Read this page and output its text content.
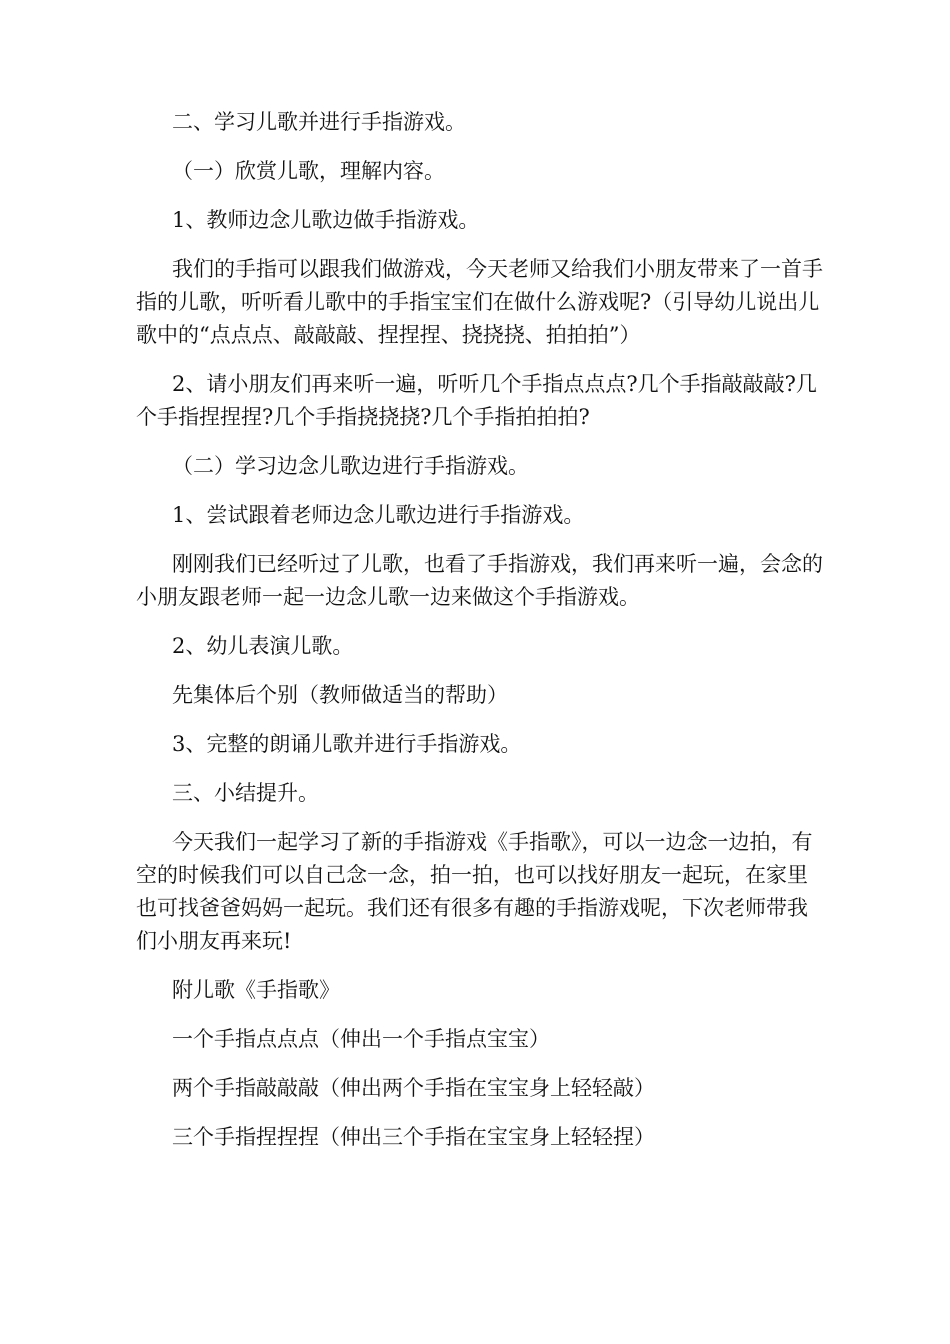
二、学习儿歌并进行手指游戏。

（一）欣赏儿歌，理解内容。

1、教师边念儿歌边做手指游戏。

我们的手指可以跟我们做游戏，今天老师又给我们小朋友带来了一首手指的儿歌，听听看儿歌中的手指宝宝们在做什么游戏呢?（引导幼儿说出儿歌中的“点点点、敲敲敲、捏捏捏、挠挠挠、拍拍拍”）

2、请小朋友们再来听一遍，听听几个手指点点点?几个手指敲敲敲?几个手指捏捏捏?几个手指挠挠挠?几个手指拍拍拍?

（二）学习边念儿歌边进行手指游戏。

1、尝试跟着老师边念儿歌边进行手指游戏。

刚刚我们已经听过了儿歌，也看了手指游戏，我们再来听一遍，会念的小朋友跟老师一起一边念儿歌一边来做这个手指游戏。

2、幼儿表演儿歌。

先集体后个别（教师做适当的帮助）

3、完整的朗诵儿歌并进行手指游戏。

三、小结提升。

今天我们一起学习了新的手指游戏《手指歌》，可以一边念一边拍，有空的时候我们可以自己念一念，拍一拍，也可以找好朋友一起玩，在家里也可找爸爸妈妈一起玩。我们还有很多有趣的手指游戏呢，下次老师带我们小朋友再来玩!

附儿歌《手指歌》

一个手指点点点（伸出一个手指点宝宝）

两个手指敲敲敲（伸出两个手指在宝宝身上轻轻敲）

三个手指捏捏捏（伸出三个手指在宝宝身上轻轻捏）
